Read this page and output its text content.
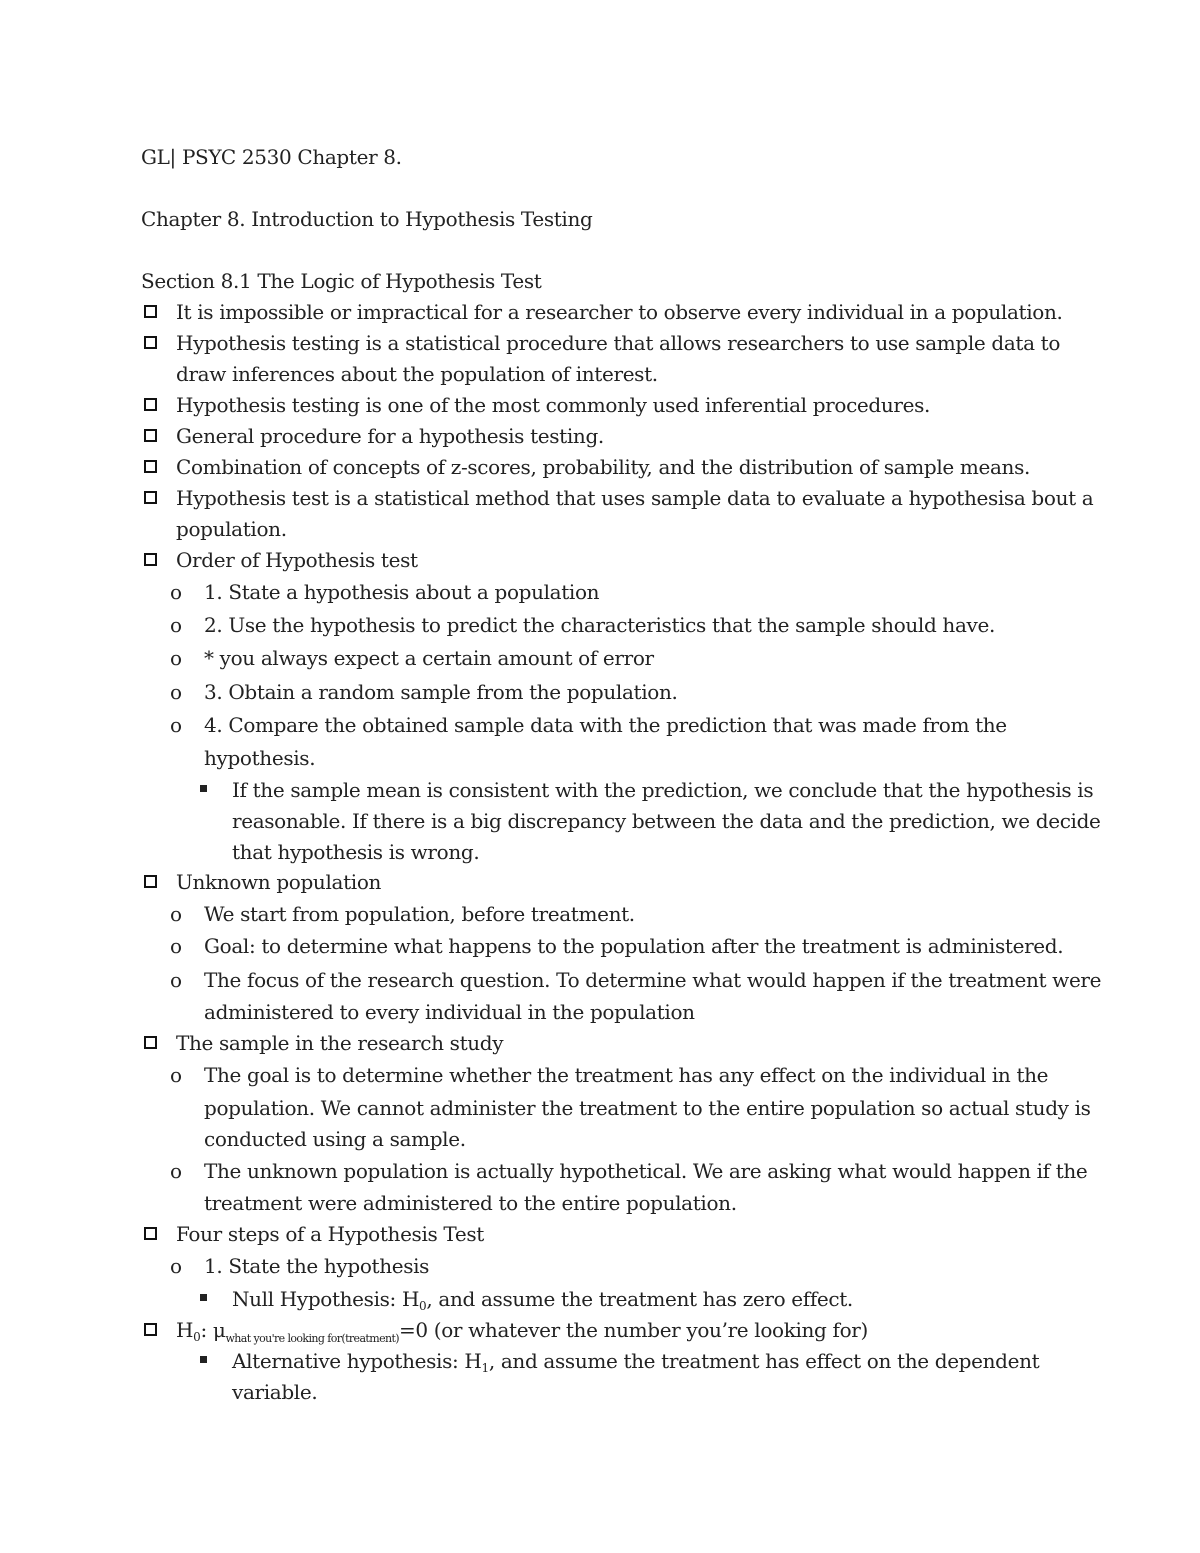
GL| PSYC 2530 Chapter 8.
Chapter 8. Introduction to Hypothesis Testing
Section 8.1 The Logic of Hypothesis Test
It is impossible or impractical for a researcher to observe every individual in a population.
Hypothesis testing is a statistical procedure that allows researchers to use sample data to
draw inferences about the population of interest.
Hypothesis testing is one of the most commonly used inferential procedures.
General procedure for a hypothesis testing.
Combination of concepts of z-scores, probability, and the distribution of sample means.
Hypothesis test is a statistical method that uses sample data to evaluate a hypothesisa bout a
population.
Order of Hypothesis test
o 1. State a hypothesis about a population
o 2. Use the hypothesis to predict the characteristics that the sample should have.
o * you always expect a certain amount of error
o 3. Obtain a random sample from the population.
o 4. Compare the obtained sample data with the prediction that was made from the
hypothesis.
If the sample mean is consistent with the prediction, we conclude that the hypothesis is
reasonable. If there is a big discrepancy between the data and the prediction, we decide
that hypothesis is wrong.
Unknown population
o We start from population, before treatment.
o Goal: to determine what happens to the population after the treatment is administered.
o The focus of the research question. To determine what would happen if the treatment were
administered to every individual in the population
The sample in the research study
o The goal is to determine whether the treatment has any effect on the individual in the
population. We cannot administer the treatment to the entire population so actual study is
conducted using a sample.
o The unknown population is actually hypothetical. We are asking what would happen if the
treatment were administered to the entire population.
Four steps of a Hypothesis Test
o 1. State the hypothesis
Null Hypothesis: $H_0$, and assume the treatment has zero effect.
$H_0$: $\mu_{what you're looking for(treatment)}=0$ (or whatever the number you’re looking for)
Alternative hypothesis: $H_1$, and assume the treatment has effect on the dependent
variable.
